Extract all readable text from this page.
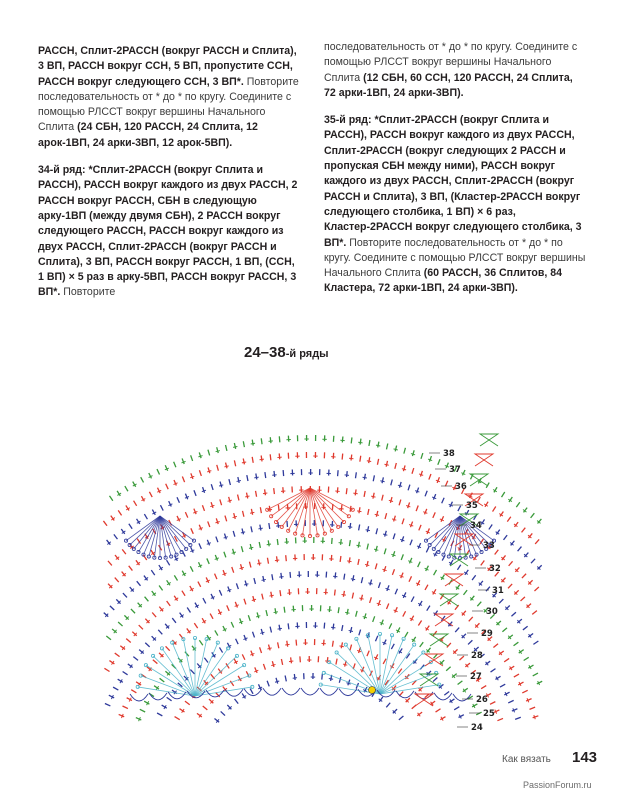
РАССН, Сплит-2РАССН (вокруг РАССН и Сплита), 3 ВП, РАССН вокруг ССН, 5 ВП, пропустите ССН, РАССН вокруг следующего ССН, 3 ВП*. Повторите последовательность от * до * по кругу. Соедините с помощью РЛССТ вокруг вершины Начального Сплита (24 СБН, 120 РАССН, 24 Сплита, 12 арок-1ВП, 24 арки-3ВП, 12 арок-5ВП).

34-й ряд: *Сплит-2РАССН (вокруг Сплита и РАССН), РАССН вокруг каждого из двух РАССН, 2 РАССН вокруг РАССН, СБН в следующую арку-1ВП (между двумя СБН), 2 РАССН вокруг следующего РАССН, РАССН вокруг каждого из двух РАССН, Сплит-2РАССН (вокруг РАССН и Сплита), 3 ВП, РАССН вокруг РАССН, 1 ВП, (ССН, 1 ВП) × 5 раз в арку-5ВП, РАССН вокруг РАССН, 3 ВП*. Повторите

последовательность от * до * по кругу. Соедините с помощью РЛССТ вокруг вершины Начального Сплита (12 СБН, 60 ССН, 120 РАССН, 24 Сплита, 72 арки-1ВП, 24 арки-3ВП).

35-й ряд: *Сплит-2РАССН (вокруг Сплита и РАССН), РАССН вокруг каждого из двух РАССН, Сплит-2РАССН (вокруг следующих 2 РАССН и пропуская СБН между ними), РАССН вокруг каждого из двух РАССН, Сплит-2РАССН (вокруг РАССН и Сплита), 3 ВП, (Кластер-2РАССН вокруг следующего столбика, 1 ВП) × 6 раз, Кластер-2РАССН вокруг следующего столбика, 3 ВП*. Повторите последовательность от * до * по кругу. Соедините с помощью РЛССТ вокруг вершины Начального Сплита (60 РАССН, 36 Сплитов, 84 Кластера, 72 арки-1ВП, 24 арки-3ВП).

24–38-й ряды
38
37
36
35
34
33
32
31
30
29
28
27
26
25
24
Как вязать 143
PassionForum.ru
